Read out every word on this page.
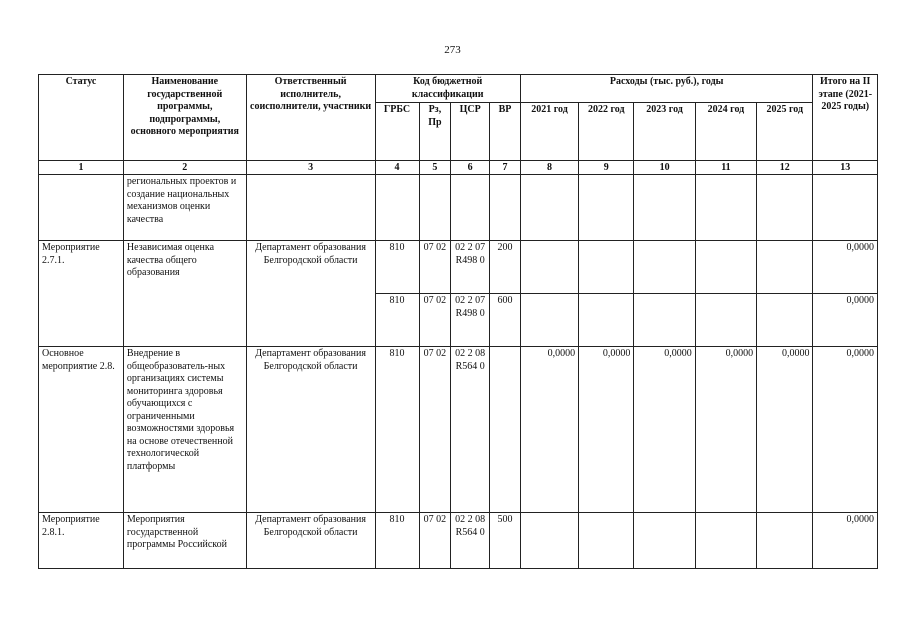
273
Статус	Наименование государственной программы, подпрограммы, основного мероприятия	Ответственный исполнитель, соисполнители, участники	Код бюджетной классификации				Расходы (тыс. руб.), годы					Итого на II этапе (2021-2025 годы)
			ГРБС	Рз, Пр	ЦСР	ВР	2021 год	2022 год	2023 год	2024 год	2025 год	
1	2	3	4	5	6	7	8	9	10	11	12	13
	региональных проектов и создание национальных механизмов оценки качества											
Мероприятие 2.7.1.	Независимая оценка качества общего образования	Департамент образования Белгородской области	810	07 02	02 2 07 R498 0	200						0,0000
			810	07 02	02 2 07 R498 0	600						0,0000
Основное мероприятие 2.8.	Внедрение в общеобразователь-ных организациях системы мониторинга здоровья обучающихся с ограниченными возможностями здоровья на основе отечественной технологической платформы	Департамент образования Белгородской области	810	07 02	02 2 08 R564 0		0,0000	0,0000	0,0000	0,0000	0,0000	0,0000
Мероприятие 2.8.1.	Мероприятия государственной программы Российской	Департамент образования Белгородской области	810	07 02	02 2 08 R564 0	500						0,0000
